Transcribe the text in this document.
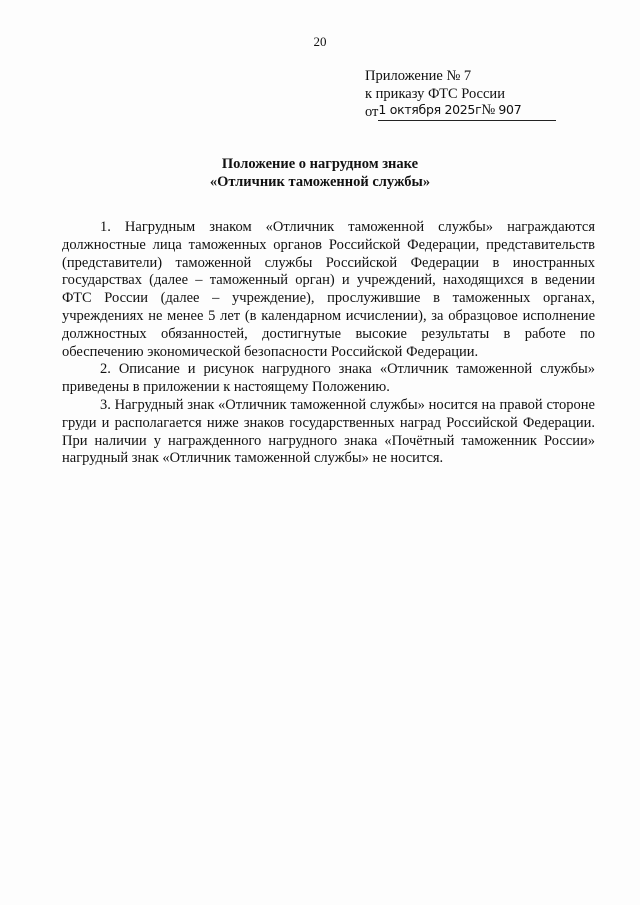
20
Приложение № 7
к приказу ФТС России
от 1 октября 2025г № 907
Положение о нагрудном знаке
«Отличник таможенной службы»

1. Нагрудным знаком «Отличник таможенной службы» награждаются должностные лица таможенных органов Российской Федерации, представительств (представители) таможенной службы Российской Федерации в иностранных государствах (далее – таможенный орган) и учреждений, находящихся в ведении ФТС России (далее – учреждение), прослужившие в таможенных органах, учреждениях не менее 5 лет (в календарном исчислении), за образцовое исполнение должностных обязанностей, достигнутые высокие результаты в работе по обеспечению экономической безопасности Российской Федерации.

2. Описание и рисунок нагрудного знака «Отличник таможенной службы» приведены в приложении к настоящему Положению.

3. Нагрудный знак «Отличник таможенной службы» носится на правой стороне груди и располагается ниже знаков государственных наград Российской Федерации. При наличии у награжденного нагрудного знака «Почётный таможенник России» нагрудный знак «Отличник таможенной службы» не носится.
